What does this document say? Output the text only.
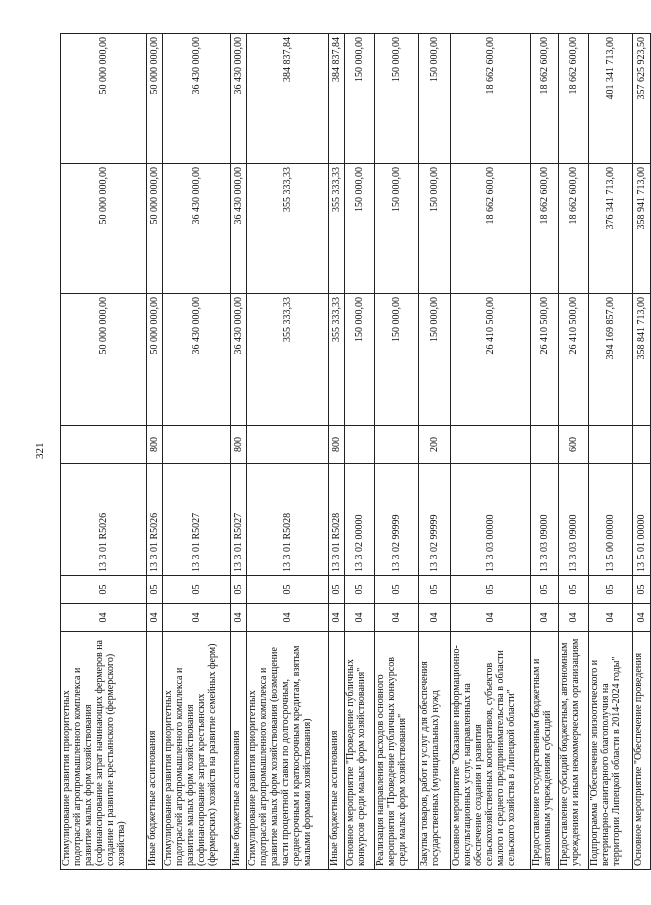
321
Стимулирование развития приоритетных подотраслей агропромышленного комплекса и развитие малых форм хозяйствования (софинансирование затрат начинающих фермеров на создание и развитие крестьянского (фермерского) хозяйства)	04	05	13 3 01 R5026		50 000 000,00	50 000 000,00	50 000 000,00
Иные бюджетные ассигнования	04	05	13 3 01 R5026	800	50 000 000,00	50 000 000,00	50 000 000,00
Стимулирование развития приоритетных подотраслей агропромышленного комплекса и развитие малых форм хозяйствования (софинансирование затрат крестьянских (фермерских) хозяйств на развитие семейных ферм)	04	05	13 3 01 R5027		36 430 000,00	36 430 000,00	36 430 000,00
Иные бюджетные ассигнования	04	05	13 3 01 R5027	800	36 430 000,00	36 430 000,00	36 430 000,00
Стимулирование развития приоритетных подотраслей агропромышленного комплекса и развитие малых форм хозяйствования (возмещение части процентной ставки по долгосрочным, среднесрочным и краткосрочным кредитам, взятым малыми формами хозяйствования)	04	05	13 3 01 R5028		355 333,33	355 333,33	384 837,84
Иные бюджетные ассигнования	04	05	13 3 01 R5028	800	355 333,33	355 333,33	384 837,84
Основное мероприятие "Проведение публичных конкурсов среди малых форм хозяйствования"	04	05	13 3 02 00000		150 000,00	150 000,00	150 000,00
Реализация направления расходов основного мероприятия "Проведение публичных конкурсов среди малых форм хозяйствования"	04	05	13 3 02 99999		150 000,00	150 000,00	150 000,00
Закупка товаров, работ и услуг для обеспечения государственных (муниципальных) нужд	04	05	13 3 02 99999	200	150 000,00	150 000,00	150 000,00
Основное мероприятие "Оказание информационно-консультационных услуг, направленных на обеспечение создания и развития сельскохозяйственных кооперативов, субъектов малого и среднего предпринимательства в области сельского хозяйства в Липецкой области"	04	05	13 3 03 00000		26 410 500,00	18 662 600,00	18 662 600,00
Предоставление государственным бюджетным и автономным учреждениям субсидий	04	05	13 3 03 09000		26 410 500,00	18 662 600,00	18 662 600,00
Предоставление субсидий бюджетным, автономным учреждениям и иным некоммерческим организациям	04	05	13 3 03 09000	600	26 410 500,00	18 662 600,00	18 662 600,00
Подпрограмма "Обеспечение эпизоотического и ветеринарно-санитарного благополучия на территории Липецкой области в 2014-2024 годы"	04	05	13 5 00 00000		394 169 857,00	376 341 713,00	401 341 713,00
Основное мероприятие "Обеспечение проведения	04	05	13 5 01 00000		358 841 713,00	358 941 713,00	357 625 923,50
